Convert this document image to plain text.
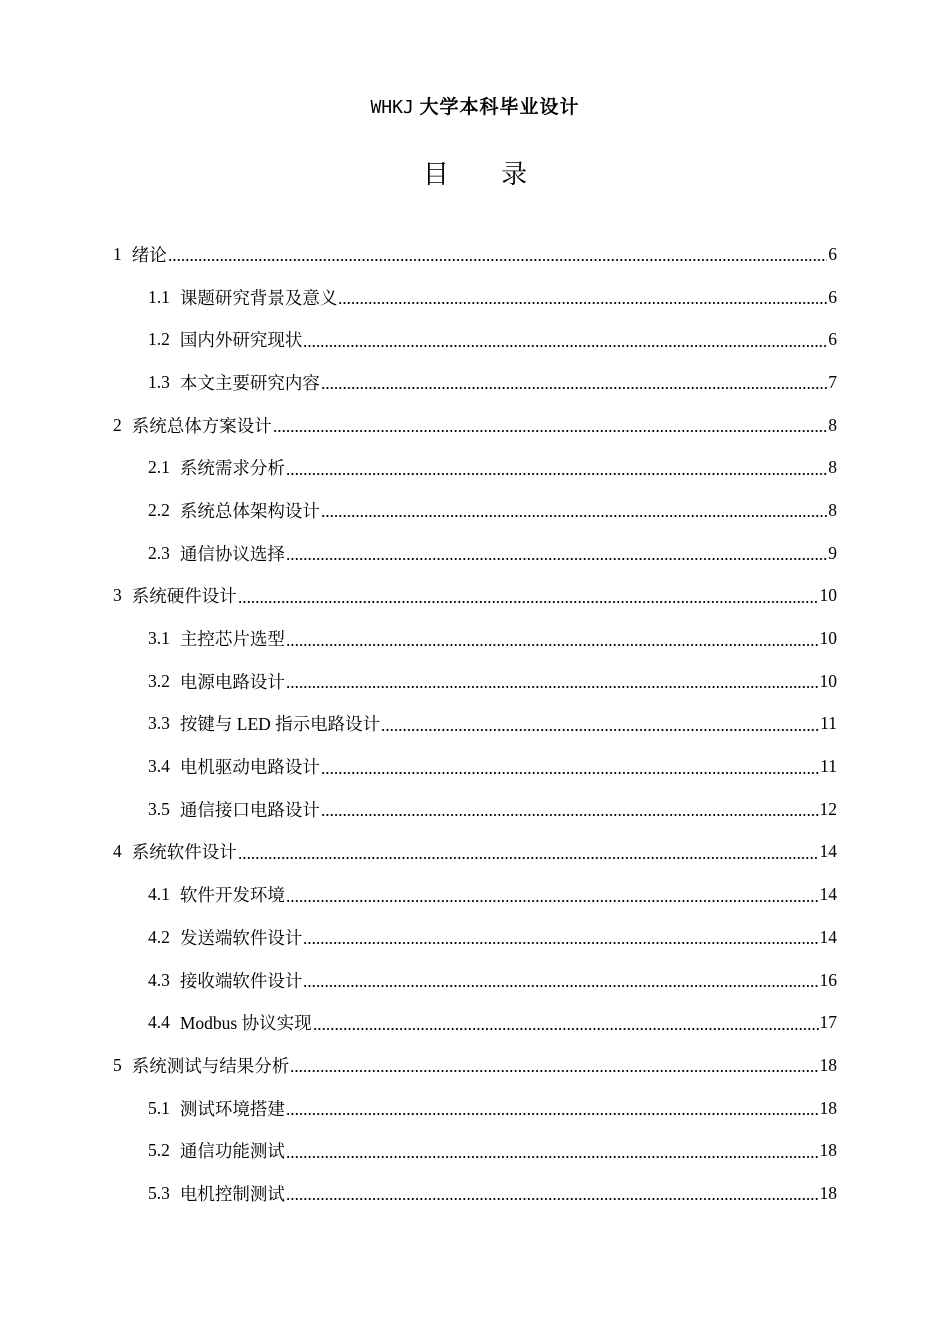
WHKJ 大学本科毕业设计
目 录
1 绪论	6
1.1 课题研究背景及意义	6
1.2 国内外研究现状	6
1.3 本文主要研究内容	7
2 系统总体方案设计	8
2.1 系统需求分析	8
2.2 系统总体架构设计	8
2.3 通信协议选择	9
3 系统硬件设计	10
3.1 主控芯片选型	10
3.2 电源电路设计	10
3.3 按键与 LED 指示电路设计	11
3.4 电机驱动电路设计	11
3.5 通信接口电路设计	12
4 系统软件设计	14
4.1 软件开发环境	14
4.2 发送端软件设计	14
4.3 接收端软件设计	16
4.4 Modbus 协议实现	17
5 系统测试与结果分析	18
5.1 测试环境搭建	18
5.2 通信功能测试	18
5.3 电机控制测试	18
